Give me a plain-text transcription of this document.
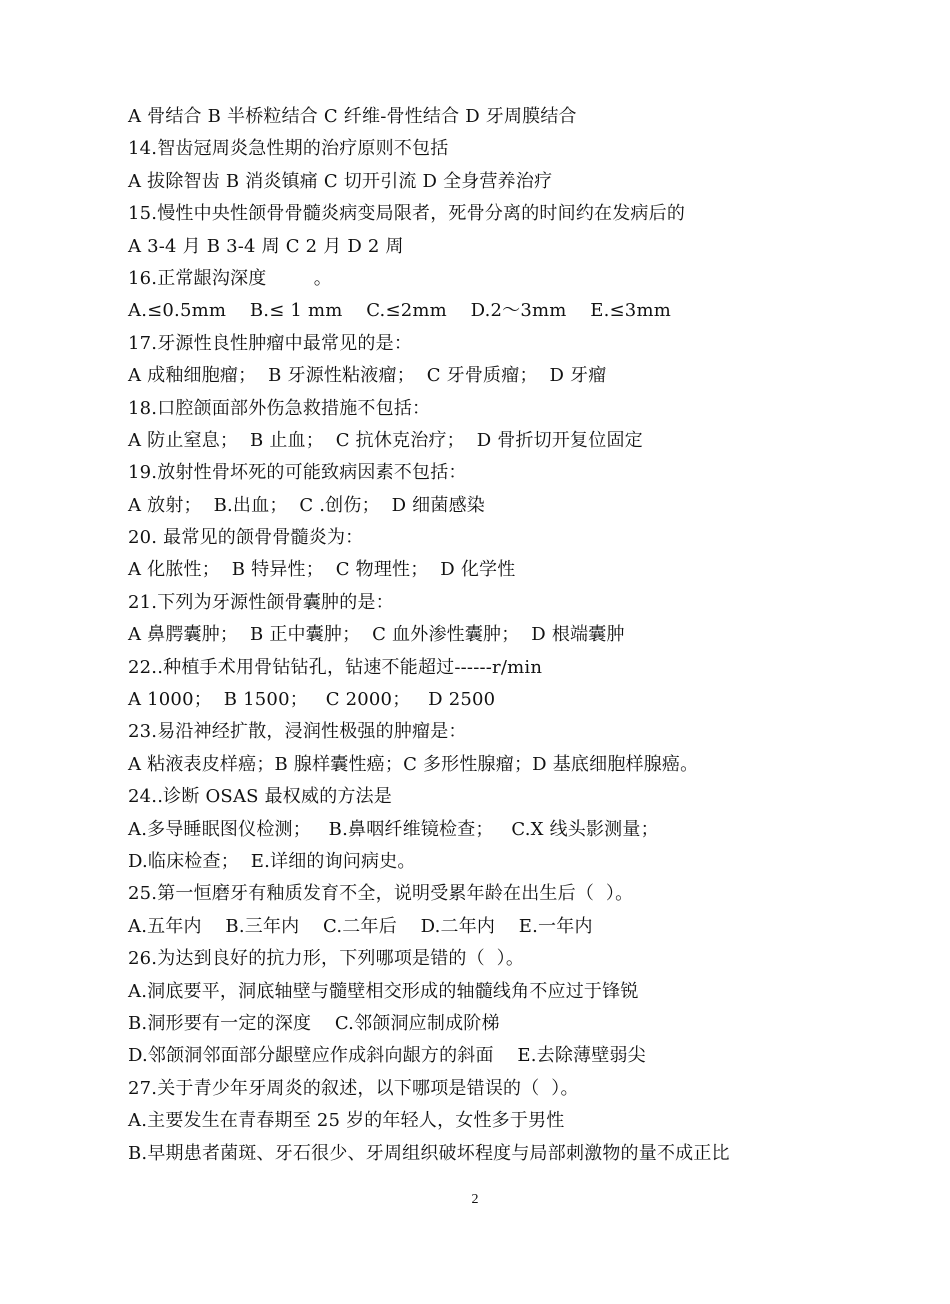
A 骨结合 B 半桥粒结合 C 纤维-骨性结合 D 牙周膜结合
14.智齿冠周炎急性期的治疗原则不包括
A 拔除智齿 B 消炎镇痛 C 切开引流 D 全身营养治疗
15.慢性中央性颌骨骨髓炎病变局限者，死骨分离的时间约在发病后的
A 3-4 月 B 3-4 周 C 2 月 D 2 周
16.正常龈沟深度        。
A.≤0.5mm    B.≤ 1 mm    C.≤2mm    D.2～3mm    E.≤3mm
17.牙源性良性肿瘤中最常见的是：
A 成釉细胞瘤；  B 牙源性粘液瘤；  C 牙骨质瘤；  D 牙瘤
18.口腔颌面部外伤急救措施不包括：
A 防止窒息；  B 止血；  C 抗休克治疗；  D 骨折切开复位固定
19.放射性骨坏死的可能致病因素不包括：
A 放射；  B.出血；  C .创伤；  D 细菌感染
20. 最常见的颌骨骨髓炎为：
A 化脓性；  B 特异性；  C 物理性；  D 化学性
21.下列为牙源性颌骨囊肿的是：
A 鼻腭囊肿；  B 正中囊肿；  C 血外渗性囊肿；  D 根端囊肿
22..种植手术用骨钻钻孔，钻速不能超过------r/min
A 1000；  B 1500；   C 2000；   D 2500
23.易沿神经扩散，浸润性极强的肿瘤是：
A 粘液表皮样癌；B 腺样囊性癌；C 多形性腺瘤；D 基底细胞样腺癌。
24..诊断 OSAS 最权威的方法是
A.多导睡眠图仪检测；   B.鼻咽纤维镜检查；   C.X 线头影测量；
D.临床检查；  E.详细的询问病史。
25.第一恒磨牙有釉质发育不全，说明受累年龄在出生后（  ）。
A.五年内    B.三年内    C.二年后    D.二年内    E.一年内
26.为达到良好的抗力形，下列哪项是错的（  ）。
A.洞底要平，洞底轴壁与髓壁相交形成的轴髓线角不应过于锋锐
B.洞形要有一定的深度    C.邻颌洞应制成阶梯
D.邻颌洞邻面部分龈壁应作成斜向龈方的斜面    E.去除薄壁弱尖
27.关于青少年牙周炎的叙述，以下哪项是错误的（  ）。
A.主要发生在青春期至 25 岁的年轻人，女性多于男性
B.早期患者菌斑、牙石很少、牙周组织破坏程度与局部刺激物的量不成正比
2
